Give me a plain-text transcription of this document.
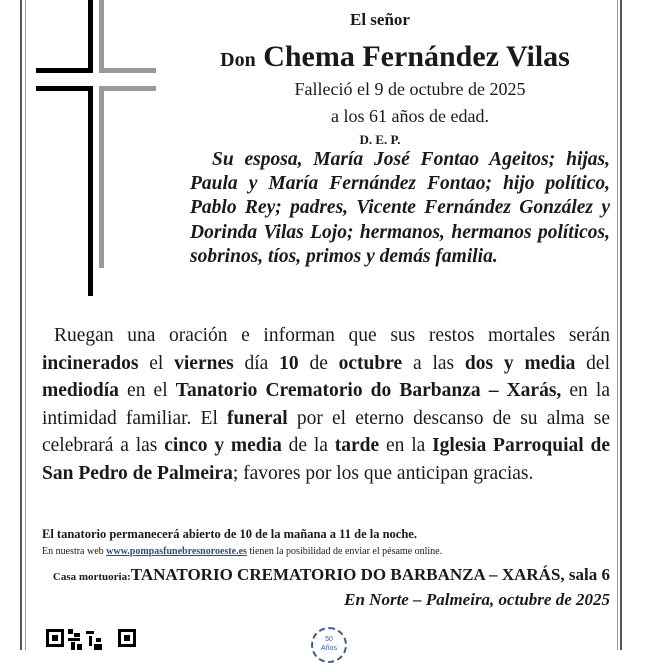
El señor
Don Chema Fernández Vilas
Falleció el 9 de octubre de 2025
a los 61 años de edad.
D. E. P.
Su esposa, María José Fontao Ageitos; hijas, Paula y María Fernández Fontao; hijo político, Pablo Rey; padres, Vicente Fernández González y Dorinda Vilas Lojo; hermanos, hermanos políticos, sobrinos, tíos, primos y demás familia.
Ruegan una oración e informan que sus restos mortales serán incinerados el viernes día 10 de octubre a las dos y media del mediodía en el Tanatorio Crematorio do Barbanza – Xarás, en la intimidad familiar. El funeral por el eterno descanso de su alma se celebrará a las cinco y media de la tarde en la Iglesia Parroquial de San Pedro de Palmeira; favores por los que anticipan gracias.
El tanatorio permanecerá abierto de 10 de la mañana a 11 de la noche.
En nuestra web www.pompasfunebresnoroeste.es tienen la posibilidad de enviar el pésame online.
Casa mortuoria:TANATORIO CREMATORIO DO BARBANZA – XARÁS, sala 6
En Norte – Palmeira, octubre de 2025
50
Años
